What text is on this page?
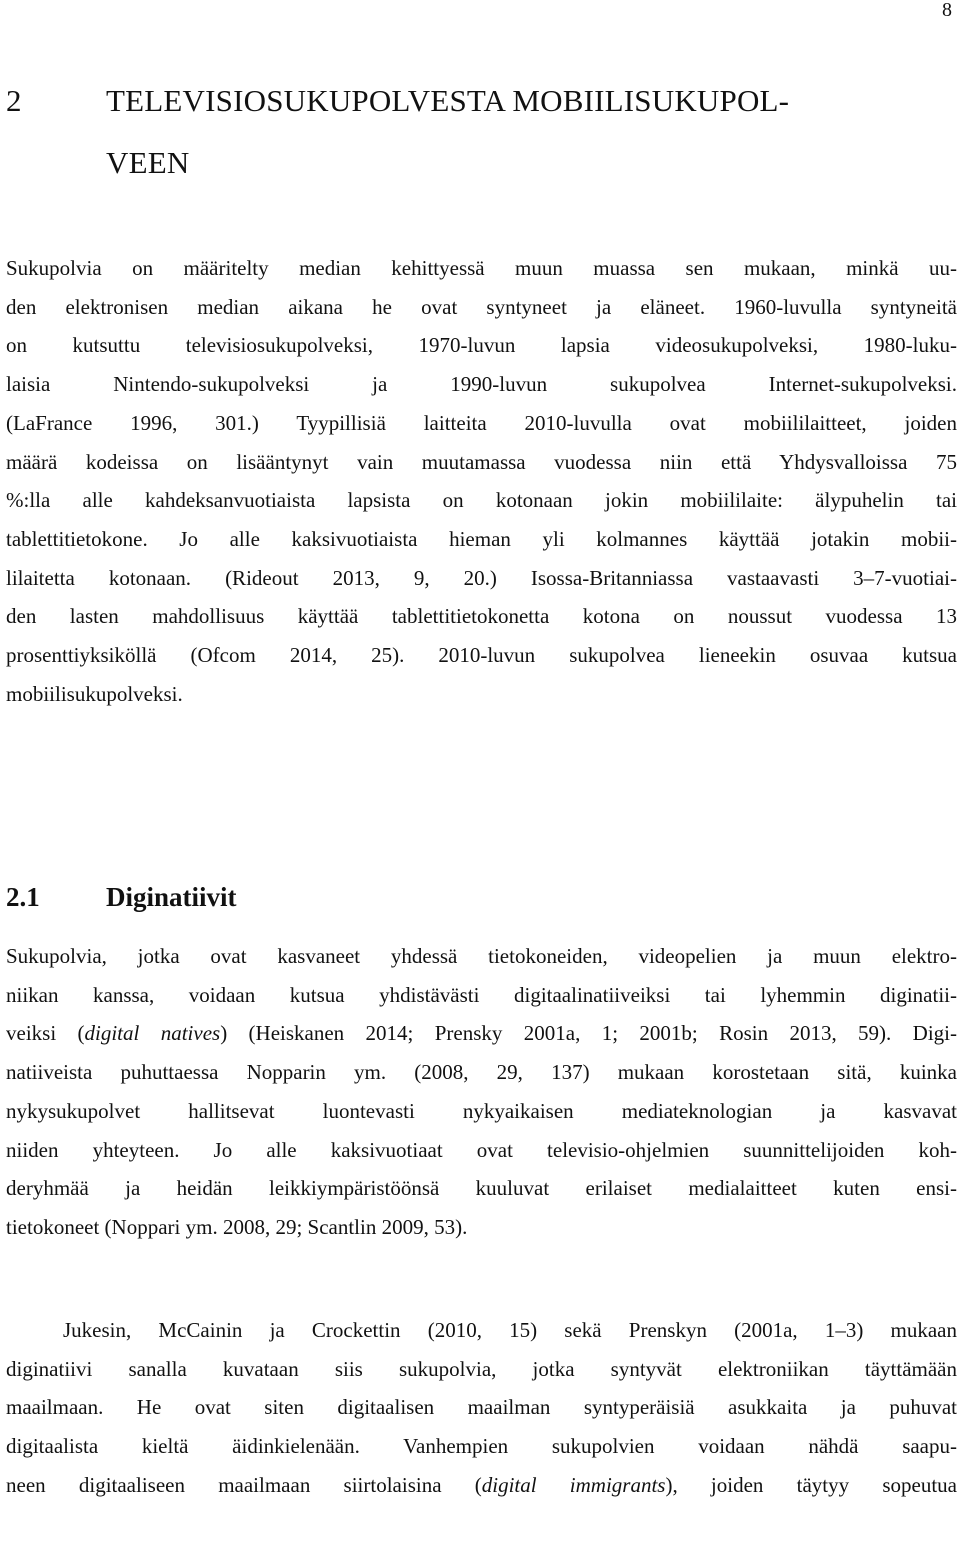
8
2	TELEVISIOSUKUPOLVESTA MOBIILISUKUPOL-
VEEN

Sukupolvia on määritelty median kehittyessä muun muassa sen mukaan, minkä uu-
den elektronisen median aikana he ovat syntyneet ja eläneet. 1960-luvulla syntyneitä
on kutsuttu televisiosukupolveksi, 1970-luvun lapsia videosukupolveksi, 1980-luku-
laisia Nintendo-sukupolveksi ja 1990-luvun sukupolvea Internet-sukupolveksi.
(LaFrance 1996, 301.) Tyypillisiä laitteita 2010-luvulla ovat mobiililaitteet, joiden
määrä kodeissa on lisääntynyt vain muutamassa vuodessa niin että Yhdysvalloissa 75
%:lla alle kahdeksanvuotiaista lapsista on kotonaan jokin mobiililaite: älypuhelin tai
tablettitietokone. Jo alle kaksivuotiaista hieman yli kolmannes käyttää jotakin mobii-
lilaitetta kotonaan. (Rideout 2013, 9, 20.) Isossa-Britanniassa vastaavasti 3–7-vuotiai-
den lasten mahdollisuus käyttää tablettitietokonetta kotona on noussut vuodessa 13
prosenttiyksiköllä (Ofcom 2014, 25). 2010-luvun sukupolvea lieneekin osuvaa kutsua
mobiilisukupolveksi.

2.1 Diginatiivit

Sukupolvia, jotka ovat kasvaneet yhdessä tietokoneiden, videopelien ja muun elektro-
niikan kanssa, voidaan kutsua yhdistävästi digitaalinatiiveiksi tai lyhemmin diginatii-
veiksi (digital natives) (Heiskanen 2014; Prensky 2001a, 1; 2001b; Rosin 2013, 59). Digi-
natiiveista puhuttaessa Nopparin ym. (2008, 29, 137) mukaan korostetaan sitä, kuinka
nykysukupolvet hallitsevat luontevasti nykyaikaisen mediateknologian ja kasvavat
niiden yhteyteen. Jo alle kaksivuotiaat ovat televisio-ohjelmien suunnittelijoiden koh-
deryhmää ja heidän leikkiympäristöönsä kuuluvat erilaiset medialaitteet kuten ensi-
tietokoneet (Noppari ym. 2008, 29; Scantlin 2009, 53).

Jukesin, McCainin ja Crockettin (2010, 15) sekä Prenskyn (2001a, 1–3) mukaan
diginatiivi sanalla kuvataan siis sukupolvia, jotka syntyvät elektroniikan täyttämään
maailmaan. He ovat siten digitaalisen maailman syntyperäisiä asukkaita ja puhuvat
digitaalista kieltä äidinkielenään. Vanhempien sukupolvien voidaan nähdä saapu-
neen digitaaliseen maailmaan siirtolaisina (digital immigrants), joiden täytyy sopeutua
